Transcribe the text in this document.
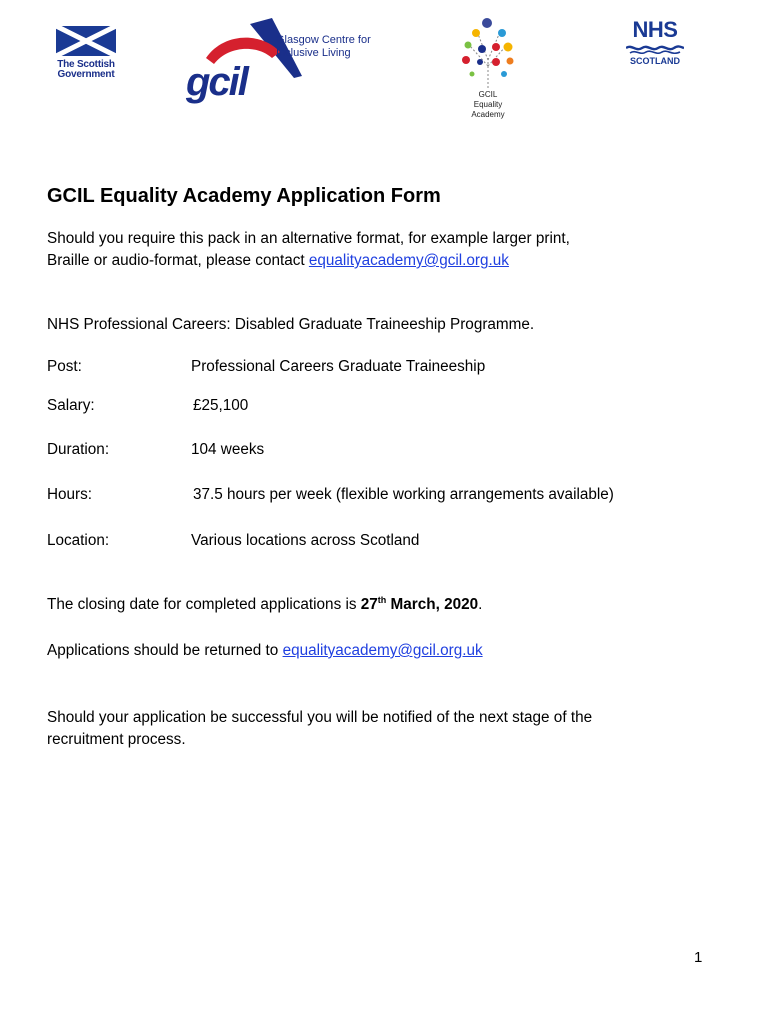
The Scottish
Government gcil
Glasgow Centre for
Inclusive Living
GCIL
Equality
Academy
NHS
SCOTLAND
GCIL Equality Academy Application Form
Should you require this pack in an alternative format, for example larger print,
Braille or audio-format, please contact equalityacademy@gcil.org.uk
NHS Professional Careers: Disabled Graduate Traineeship Programme.
Post:	Professional Careers Graduate Traineeship
Salary:	£25,100
Duration:	104 weeks
Hours:	37.5 hours per week (flexible working arrangements available)
Location:	Various locations across Scotland
The closing date for completed applications is 27th March, 2020.
Applications should be returned to equalityacademy@gcil.org.uk
Should your application be successful you will be notified of the next stage of the
recruitment process.
1
